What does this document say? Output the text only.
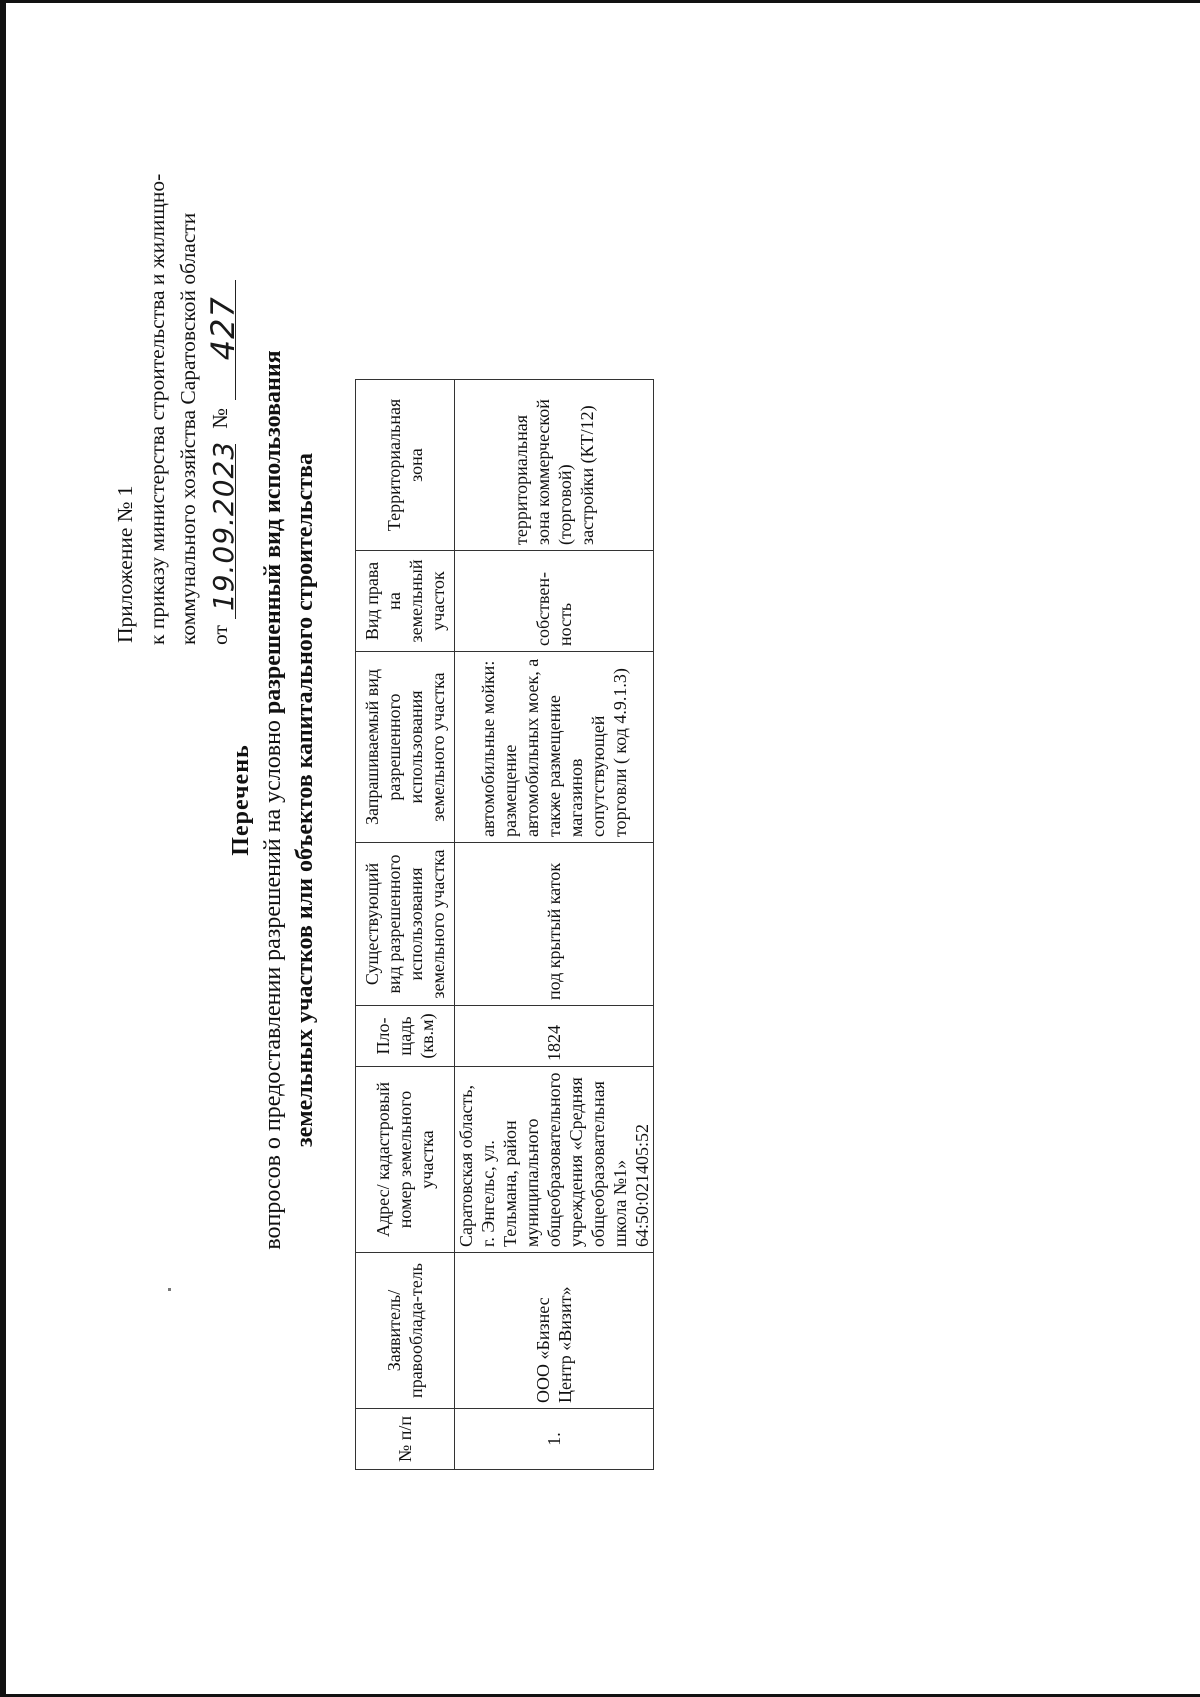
Приложение № 1 к приказу министерства строительства и жилищно- коммунального хозяйства Саратовской области от
19.09.2023
№
427
Перечень вопросов о предоставлении разрешений на условно разрешенный вид использования земельных участков или объектов капитального строительства
№ п/п	Заявитель/ правооблада-тель	Адрес/ кадастровый номер земельного участка	Пло-щадь (кв.м)	Существующий вид разрешенного использования земельного участка	Запрашиваемый вид разрешенного использования земельного участка	Вид права на земельный участок	Территориальная зона
1.	ООО «Бизнес Центр «Визит»	Саратовская область, г. Энгельс, ул. Тельмана, район муниципального общеобразовательного учреждения «Средняя общеобразовательная школа №1» 64:50:021405:52	1824	под крытый каток	автомобильные мойки: размещение автомобильных моек, а также размещение магазинов сопутствующей торговли ( код 4.9.1.3)	собствен-ность	территориальная зона коммерческой (торговой) застройки (КТ/12)
